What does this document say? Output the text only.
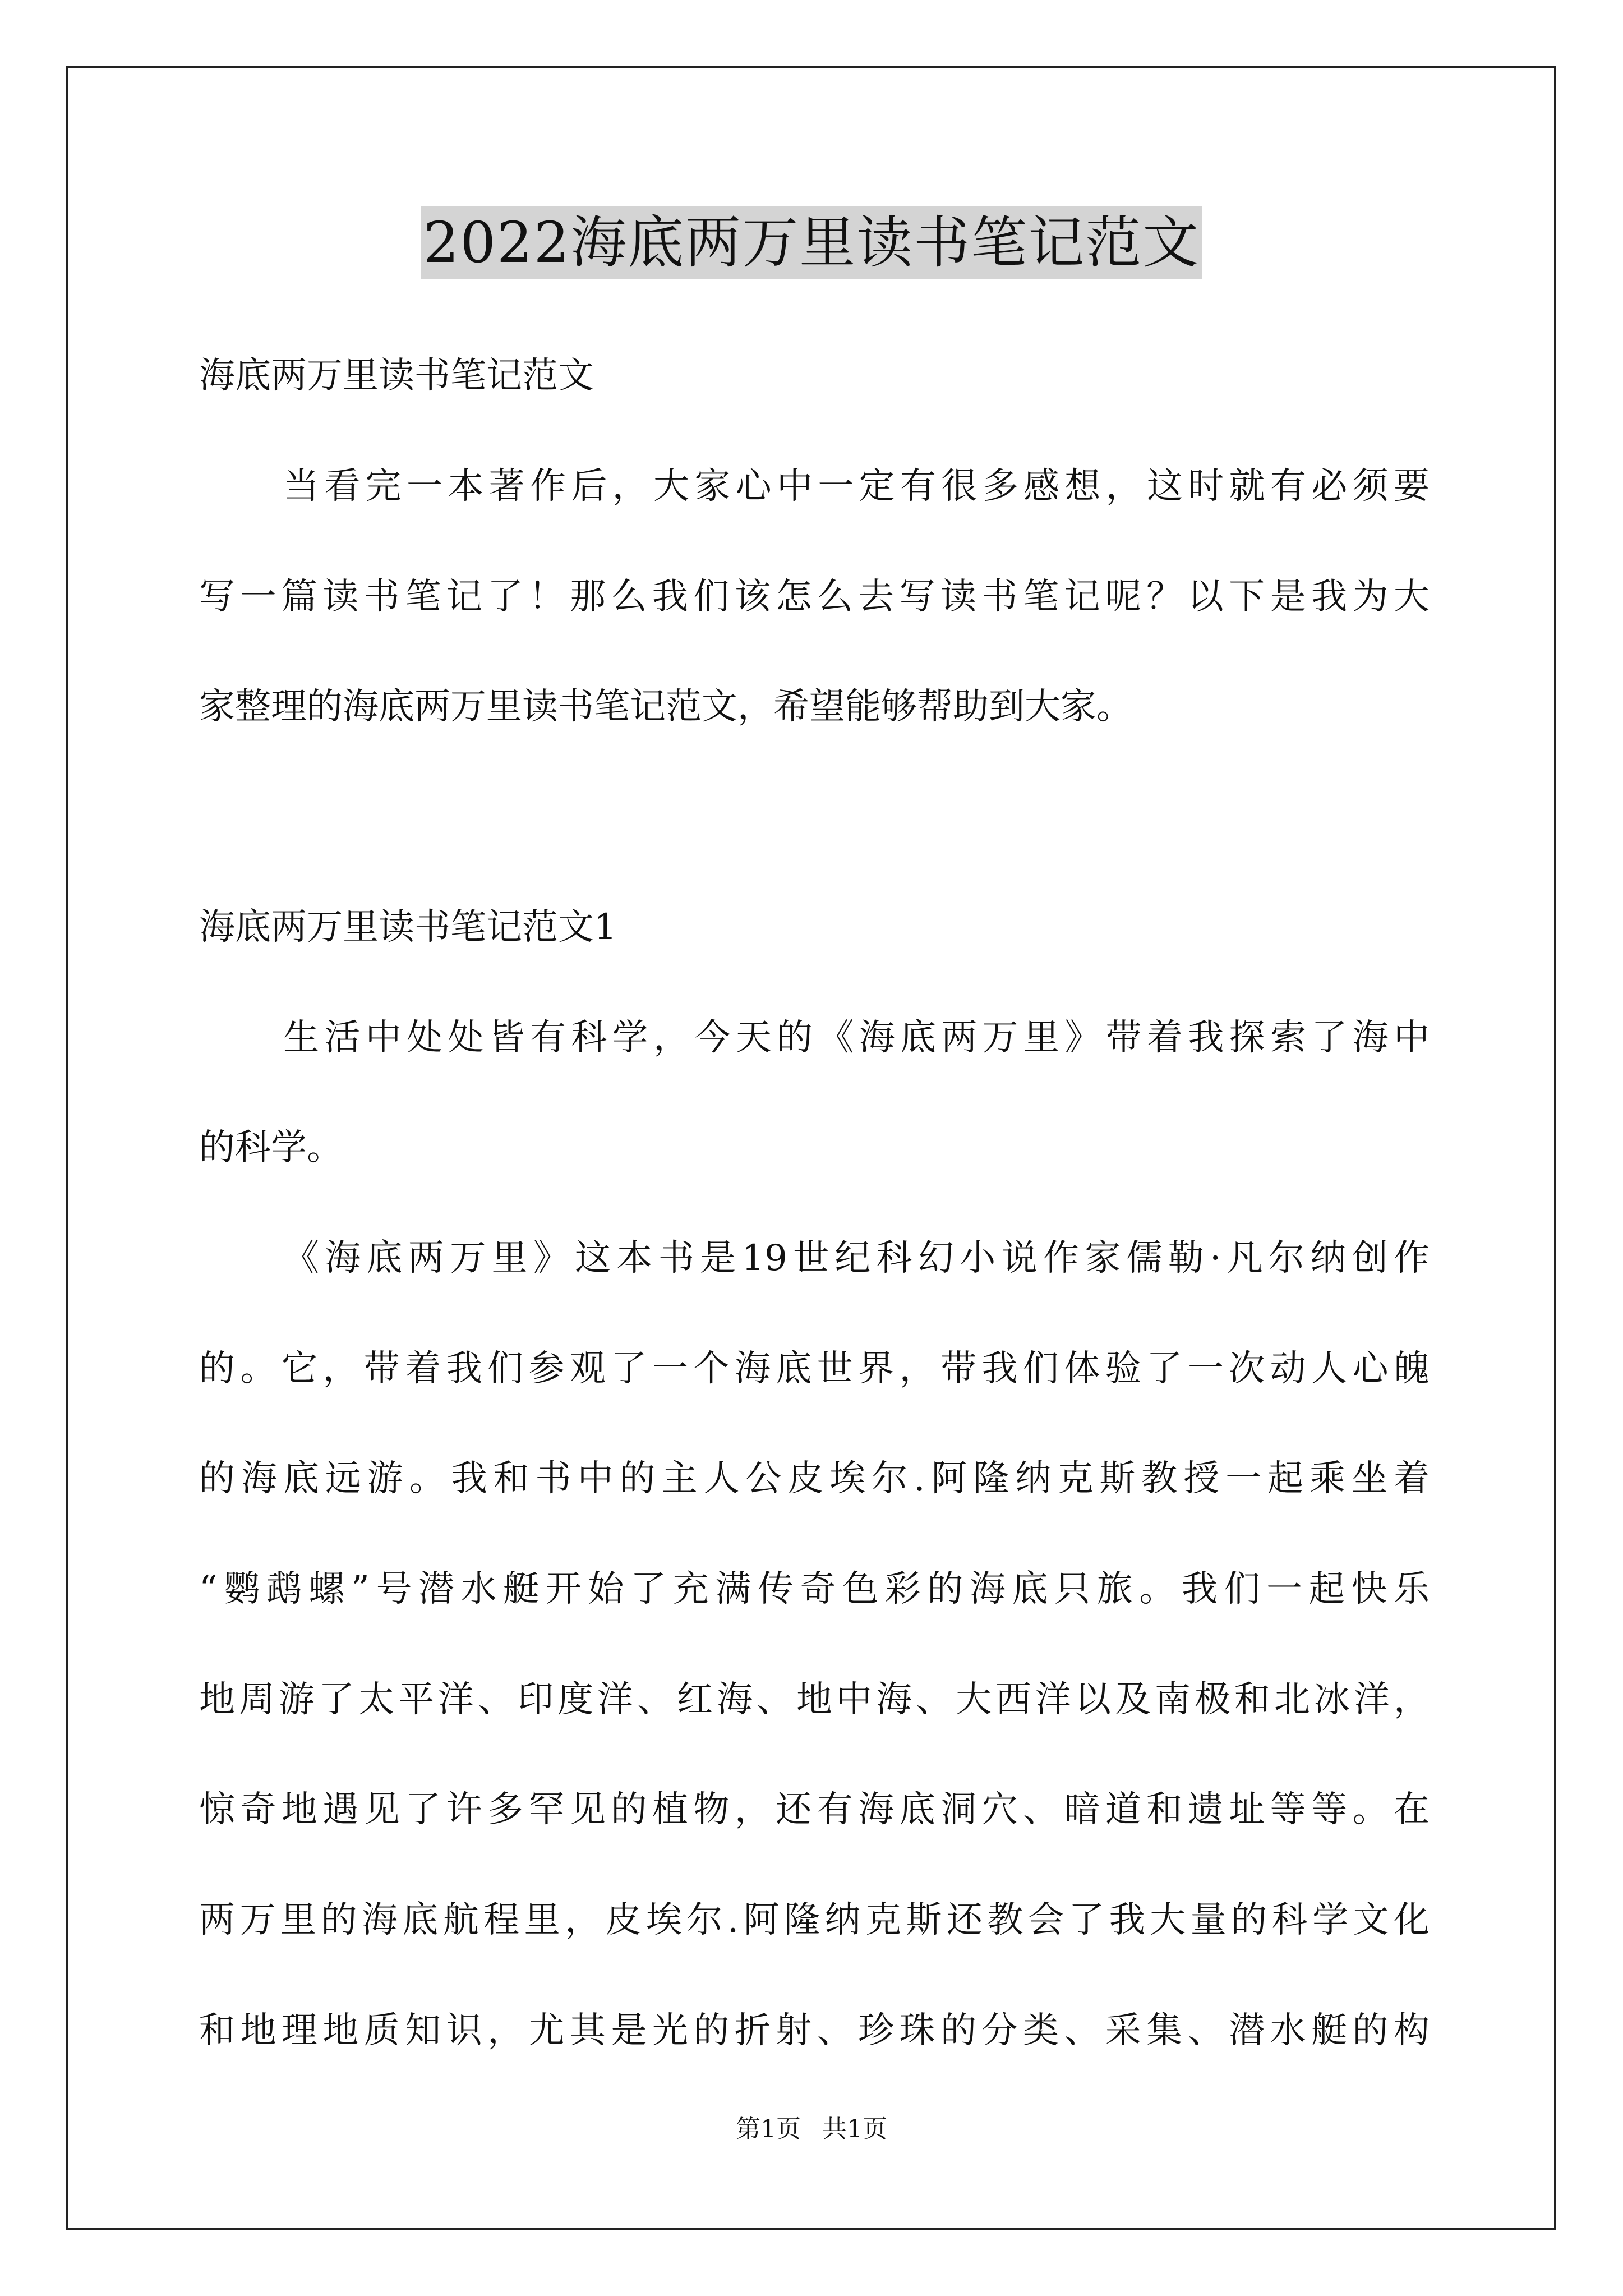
2022海底两万里读书笔记范文
海底两万里读书笔记范文
当看完一本著作后，大家心中一定有很多感想，这时就有必须要
写一篇读书笔记了！那么我们该怎么去写读书笔记呢？以下是我为大
家整理的海底两万里读书笔记范文，希望能够帮助到大家。
海底两万里读书笔记范文1
生活中处处皆有科学，今天的《海底两万里》带着我探索了海中
的科学。
《海底两万里》这本书是19世纪科幻小说作家儒勒·凡尔纳创作
的。它，带着我们参观了一个海底世界，带我们体验了一次动人心魄
的海底远游。我和书中的主人公皮埃尔.阿隆纳克斯教授一起乘坐着
“鹦鹉螺”号潜水艇开始了充满传奇色彩的海底只旅。我们一起快乐
地周游了太平洋、印度洋、红海、地中海、大西洋以及南极和北冰洋，
惊奇地遇见了许多罕见的植物，还有海底洞穴、暗道和遗址等等。在
两万里的海底航程里，皮埃尔.阿隆纳克斯还教会了我大量的科学文化
和地理地质知识，尤其是光的折射、珍珠的分类、采集、潜水艇的构
第1页 共1页
